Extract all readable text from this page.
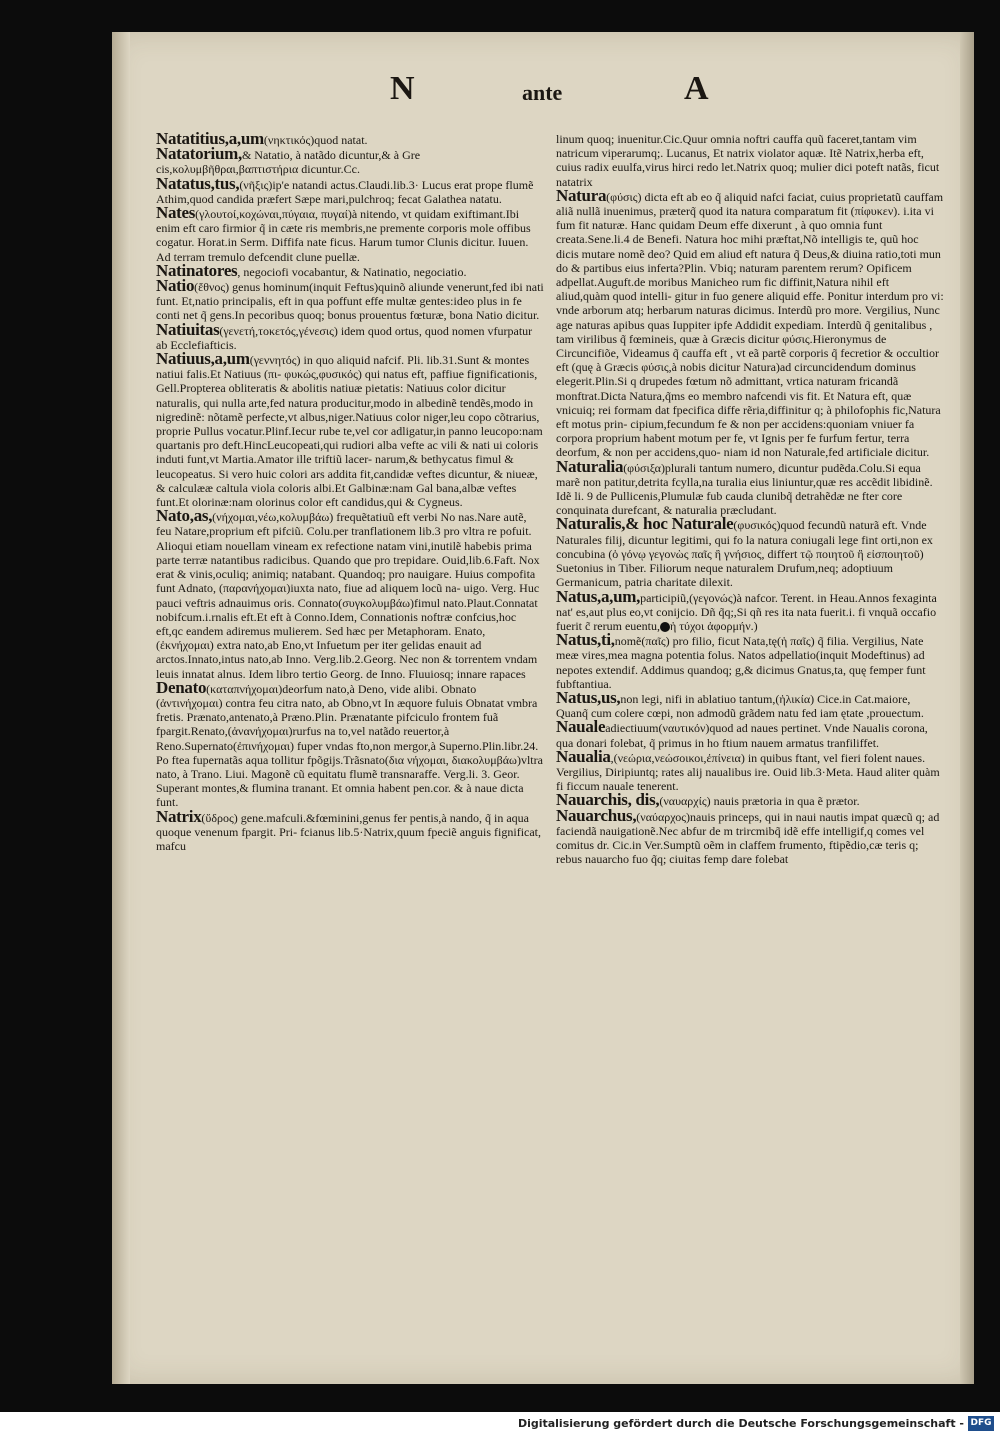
N	ante	A
Natatitius,a,um(νηκτικός)quod natat.
Natatorium,& Natatio, à natãdo dicuntur,& à Gre cis,κολυμβῆθραι,βαπτιστήρια dicuntur.Cc.
Natatus,tus,(νῆξις)ip'e natandi actus.Claudi.lib.3· Lucus erat prope flumẽ Athim,quod candida præfert Sæpe mari,pulchroq; fecat Galathea natatu.
Nates(γλουτοί,κοχώναι,πύγαια, πυγαί)à nitendo, vt quidam exiftimant.Ibi enim eft caro firmior q̃ in cæte ris membris,ne premente corporis mole offibus cogatur. Horat.in Serm. Diffifa nate ficus. Harum tumor Clunis dicitur. Iuuen. Ad terram tremulo defcendit clune puellæ.
Natinatores, negociofi vocabantur, & Natinatio, negociatio.
Natio(ἔθνος) genus hominum(inquit Feftus)quinõ aliunde venerunt,fed ibi nati funt. Et,natio principalis, eft in qua poffunt effe multæ gentes:ideo plus in fe conti net q̃ gens.In pecoribus quoq; bonus prouentus fœturæ, bona Natio dicitur.
Natiuitas(γενετή,τοκετός,γένεσις) idem quod ortus, quod nomen vfurpatur ab Ecclefiafticis.
Natiuus,a,um(γεννητός) in quo aliquid nafcif. Pli. lib.31.Sunt & montes natiui falis.Et Natiuus (πι- φυκώς,φυσικός) qui natus eft, paffiue fignificationis, Gell.Propterea obliteratis & abolitis natiuæ pietatis: Natiuus color dicitur naturalis, qui nulla arte,fed natura producitur,modo in albedinẽ tendẽs,modo in nigredinẽ: nõtamẽ perfecte,vt albus,niger.Natiuus color niger,leu copo cõtrarius, proprie Pullus vocatur.Plinf.Iecur rube te,vel cor adligatur,in panno leucopo:nam quartanis pro deft.HincLeucopeati,qui rudiori alba vefte ac vili & nati ui coloris induti funt,vt Martia.Amator ille triftiũ lacer- narum,& bethycatus fimul & leucopeatus. Si vero huic colori ars addita fit,candidæ veftes dicuntur, & niueæ, & calculææ caltula viola coloris albi.Et Galbinæ:nam Gal bana,albæ veftes funt.Et olorinæ:nam olorinus color eft candidus,qui & Cygneus.
Nato,as,(νήχομαι,νέω,κολυμβάω) frequẽtatiuũ eft verbi No nas.Nare autẽ, feu Natare,proprium eft pifciũ. Colu.per tranflationem lib.3 pro vltra re pofuit. Alioqui etiam nouellam vineam ex refectione natam vini,inutilẽ habebis prima parte terræ natantibus radicibus. Quando que pro trepidare. Ouid,lib.6.Faft. Nox erat & vinis,oculiq; animiq; natabant. Quandoq; pro nauigare. Huius compofita funt Adnato, (παρανήχομαι)iuxta nato, fiue ad aliquem locũ na- uigo. Verg. Huc pauci veftris adnauimus oris. Connato(συγκολυμβάω)fimul nato.Plaut.Connatat nobifcum.i.rnalis eft.Et eft à Conno.Idem, Connationis noftræ confcius,hoc eft,qc eandem adiremus mulierem. Sed hæc per Metaphoram. Enato, (ἐκνήχομαι) extra nato,ab Eno,vt Infuetum per iter gelidas enauit ad arctos.Innato,intus nato,ab Inno. Verg.lib.2.Georg. Nec non & torrentem vndam leuis innatat alnus. Idem libro tertio Georg. de Inno. Fluuiosq; innare rapaces
Denato(καταπνήχομαι)deorfum nato,à Deno, vide alibi. Obnato (ἀντινήχομαι) contra feu citra nato, ab Obno,vt In æquore fuluis Obnatat vmbra fretis. Prænato,antenato,à Præno.Plin. Prænatante pifciculo frontem fuã fpargit.Renato,(ἀνανήχομαι)rurfus na to,vel natãdo reuertor,à Reno.Supernato(ἐπινήχομαι) fuper vndas fto,non mergor,à Superno.Plin.libr.24. Po ftea fupernatãs aqua tollitur fpõgijs.Trãsnato(δια νήχομαι, διακολυμβάω)vltra nato, à Trano. Liui. Magonẽ cũ equitatu flumẽ transnaraffe. Verg.li. 3. Geor. Superant montes,& flumina tranant. Et omnia habent pen.cor. & à naue dicta funt.
Natrix(ὕδρος) gene.mafculi.&fœminini,genus fer pentis,à nando, q̃ in aqua quoque venenum fpargit. Pri- fcianus lib.5·Natrix,quum fpeciẽ anguis fignificat, mafcu
linum quoq; inuenitur.Cic.Quur omnia noftri cauffa quũ faceret,tantam vim natricum viperarumq;. Lucanus, Et natrix violator aquæ. Itẽ Natrix,herba eft, cuius radix euulfa,virus hirci redo let.Natrix quoq; mulier dici poteft natãs, ficut natatrix
Natura(φύσις) dicta eft ab eo q̃ aliquid nafci faciat, cuius proprietatũ cauffam aliã nullã inuenimus, præterq̃ quod ita natura comparatum fit (πίφυκεν). i.ita vi fum fit naturæ. Hanc quidam Deum effe dixerunt , à quo omnia funt creata.Sene.li.4 de Benefi. Natura hoc mihi præftat,Nõ intelligis te, quũ hoc dicis mutare nomẽ deo? Quid em aliud eft natura q̃ Deus,& diuina ratio,toti mun do & partibus eius inferta?Plin. Vbiq; naturam parentem rerum? Opificem adpellat.Auguft.de moribus Manicheo rum fic diffinit,Natura nihil eft aliud,quàm quod intelli- gitur in fuo genere aliquid effe. Ponitur interdum pro vi: vnde arborum atq; herbarum naturas dicimus. Interdũ pro more. Vergilius, Nunc age naturas apibus quas Iuppiter ipfe Addidit expediam. Interdũ q̃ genitalibus , tam virilibus q̃ fœmineis, quæ à Græcis dicitur φύσις.Hieronymus de Circuncifiõe, Videamus q̃ cauffa eft , vt eã partẽ corporis q̃ fecretior & occultior eft (quę à Græcis φύσις,à nobis dicitur Natura)ad circuncidendum dominus elegerit.Plin.Si q drupedes fœtum nõ admittant, vrtica naturam fricandã monftrat.Dicta Natura,q̃ms eo membro nafcendi vis fit. Et Natura eft, quæ vnicuiq; rei formam dat fpecifica diffe rẽria,diffinitur q; à philofophis fic,Natura eft motus prin- cipium,fecundum fe & non per accidens:quoniam vniuer fa corpora proprium habent motum per fe, vt Ignis per fe furfum fertur, terra deorfum, & non per accidens,quo- niam id non Naturale,fed artificiale dicitur.
Naturalia(φύσιξα)plurali tantum numero, dicuntur pudẽda.Colu.Si equa marẽ non patitur,detrita fcylla,na turalia eius liniuntur,quæ res accẽdit libidinẽ. Idẽ li. 9 de Pullicenis,Plumulæ fub cauda clunibq̃ detrahẽdæ ne fter core conquinata durefcant, & naturalia præcludant.
Naturalis,& hoc Naturale(φυσικός)quod fecundũ naturã eft. Vnde Naturales filij, dicuntur legitimi, qui fo la natura coniugali lege fint orti,non ex concubina (ὁ γόνῳ γεγονὼς παῖς ἢ γνήσιος, differt τῷ ποιητοῦ ἢ εἰσποιητοῦ) Suetonius in Tiber. Filiorum neque naturalem Drufum,neq; adoptiuum Germanicum, patria charitate dilexit.
Natus,a,um,participiũ,(γεγονώς)à nafcor. Terent. in Heau.Annos fexaginta nat' es,aut plus eo,vt conijcio. Dñ q̃q;,Si qñ res ita nata fuerit.i. fi vnquã occafio fuerit c̃ rerum euentu, ἡ τύχοι ἀφορμήν.)
Natus,ti,nomẽ(παῖς) pro filio, ficut Nata,tę(ἡ παῖς) q̃ filia. Vergilius, Nate meæ vires,mea magna potentia folus. Natos adpellatio(inquit Modeftinus) ad nepotes extendif. Addimus quandoq; g,& dicimus Gnatus,ta, quę femper funt fubftantiua.
Natus,us,non legi, nifi in ablatiuo tantum,(ἡλικία) Cice.in Cat.maiore, Quanq̃ cum colere cœpi, non admodũ grãdem natu fed iam ętate ,prouectum.
Naualeadiectiuum(ναυτικόν)quod ad naues pertinet. Vnde Naualis corona, qua donari folebat, q̃ primus in ho ftium nauem armatus tranfiliffet.
Naualia,(νεώρια,νεώσοικοι,ἐπίνεια) in quibus ftant, vel fieri folent naues. Vergilius, Diripiuntq; rates alij naualibus ire. Ouid lib.3·Meta. Haud aliter quàm fi ficcum nauale tenerent.
Nauarchis, dis,(ναυαρχίς) nauis prætoria in qua ẽ prætor.
Nauarchus,(ναύαρχος)nauis princeps, qui in naui nautis impat quæcũ q; ad faciendã nauigationẽ.Nec abfur de m trircmibq̃ idẽ effe intelligif,q comes vel comitus dr. Cic.in Ver.Sumptũ oẽm in claffem frumento, ftipẽdio,cæ teris q; rebus nauarcho fuo q̃q; ciuitas femp dare folebat
Digitalisierung gefördert durch die Deutsche Forschungsgemeinschaft - DFG
